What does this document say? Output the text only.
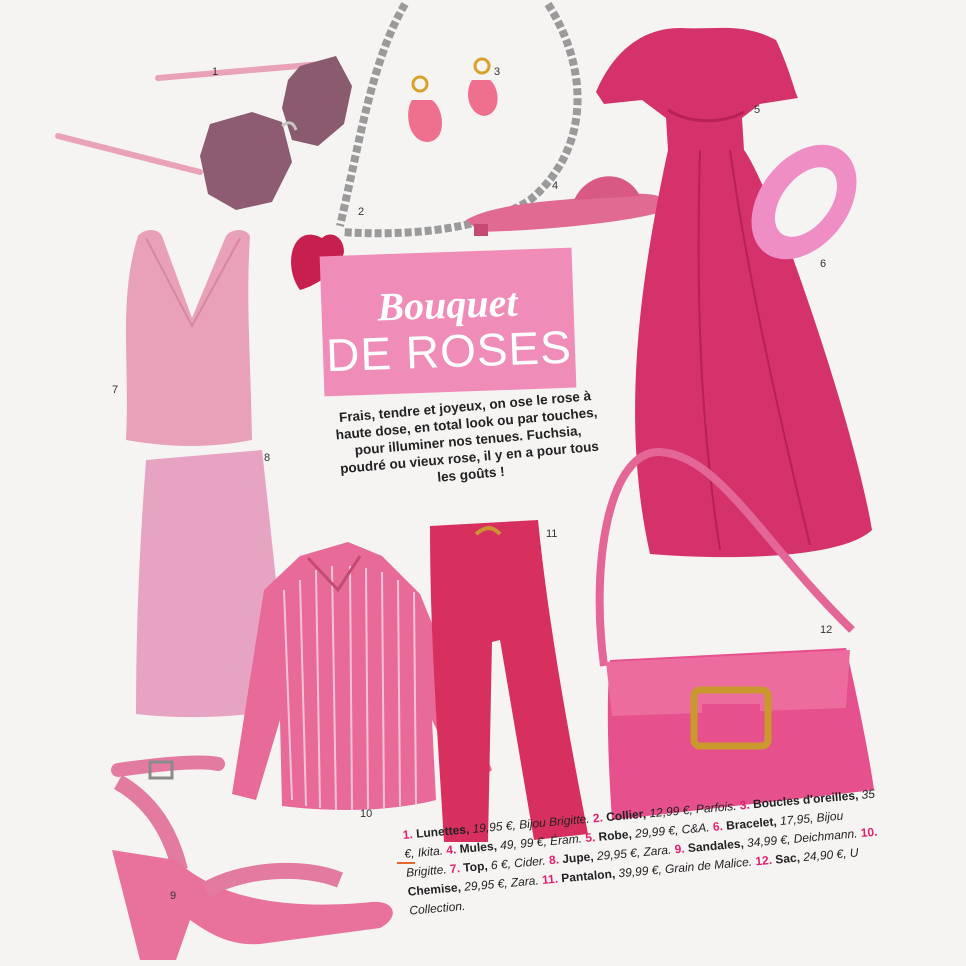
1
2
3
4
5
6
7
8
9
10
11
12
Bouquet
DE ROSES
Frais, tendre et joyeux, on ose le rose à haute dose, en total look ou par touches, pour illuminer nos tenues. Fuchsia, poudré ou vieux rose, il y en a pour tous les goûts !
1. Lunettes, 19,95 €, Bijou Brigitte. 2. Collier, 12,99 €, Parfois. 3. Boucles d'oreilles, 35 €, Ikita. 4. Mules, 49, 99 €, Éram. 5. Robe, 29,99 €, C&A. 6. Bracelet, 17,95, Bijou Brigitte. 7. Top, 6 €, Cider. 8. Jupe, 29,95 €, Zara. 9. Sandales, 34,99 €, Deichmann. 10. Chemise, 29,95 €, Zara. 11. Pantalon, 39,99 €, Grain de Malice. 12. Sac, 24,90 €, U Collection.
